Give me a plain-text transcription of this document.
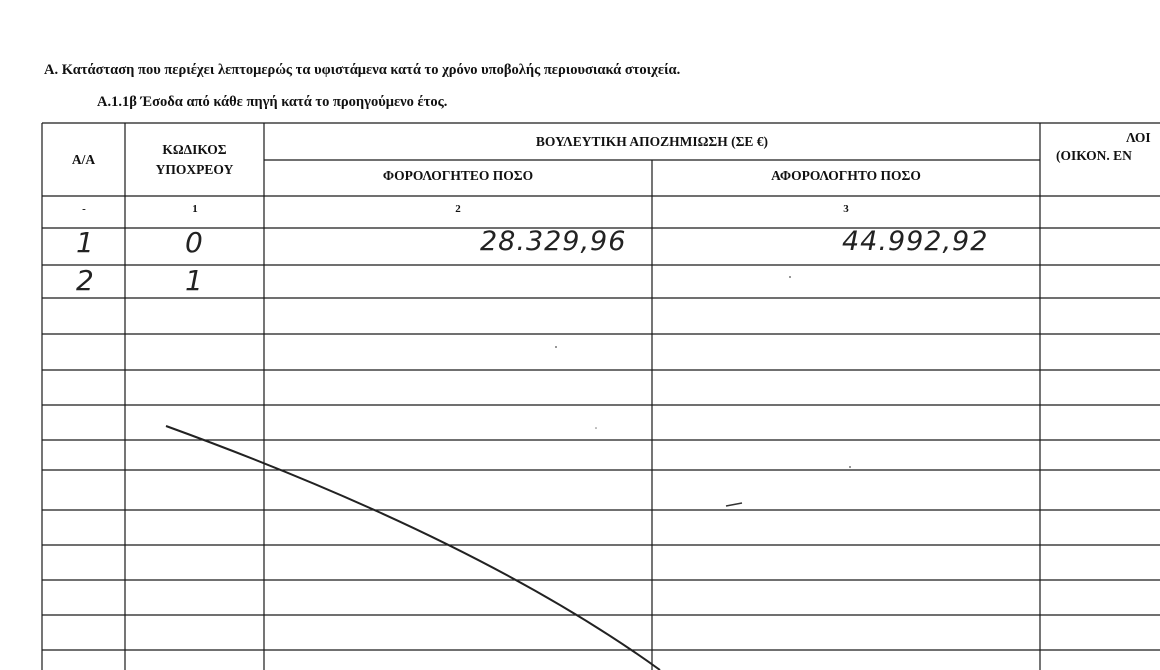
Α. Κατάσταση που περιέχει λεπτομερώς τα υφιστάμενα κατά το χρόνο υποβολής περιουσιακά στοιχεία.
Α.1.1β Έσοδα από κάθε πηγή κατά το προηγούμενο έτος.
Α/Α
ΚΩΔΙΚΟΣ
ΥΠΟΧΡΕΟΥ
ΒΟΥΛΕΥΤΙΚΗ ΑΠΟΖΗΜΙΩΣΗ (ΣΕ €)
ΦΟΡΟΛΟΓΗΤΕΟ ΠΟΣΟ	ΑΦΟΡΟΛΟΓΗΤΟ ΠΟΣΟ
ΛΟΙ
(ΟΙΚΟΝ. ΕΝ
-	1	2	3
1	0	28.329,96	44.992,92
2	1
